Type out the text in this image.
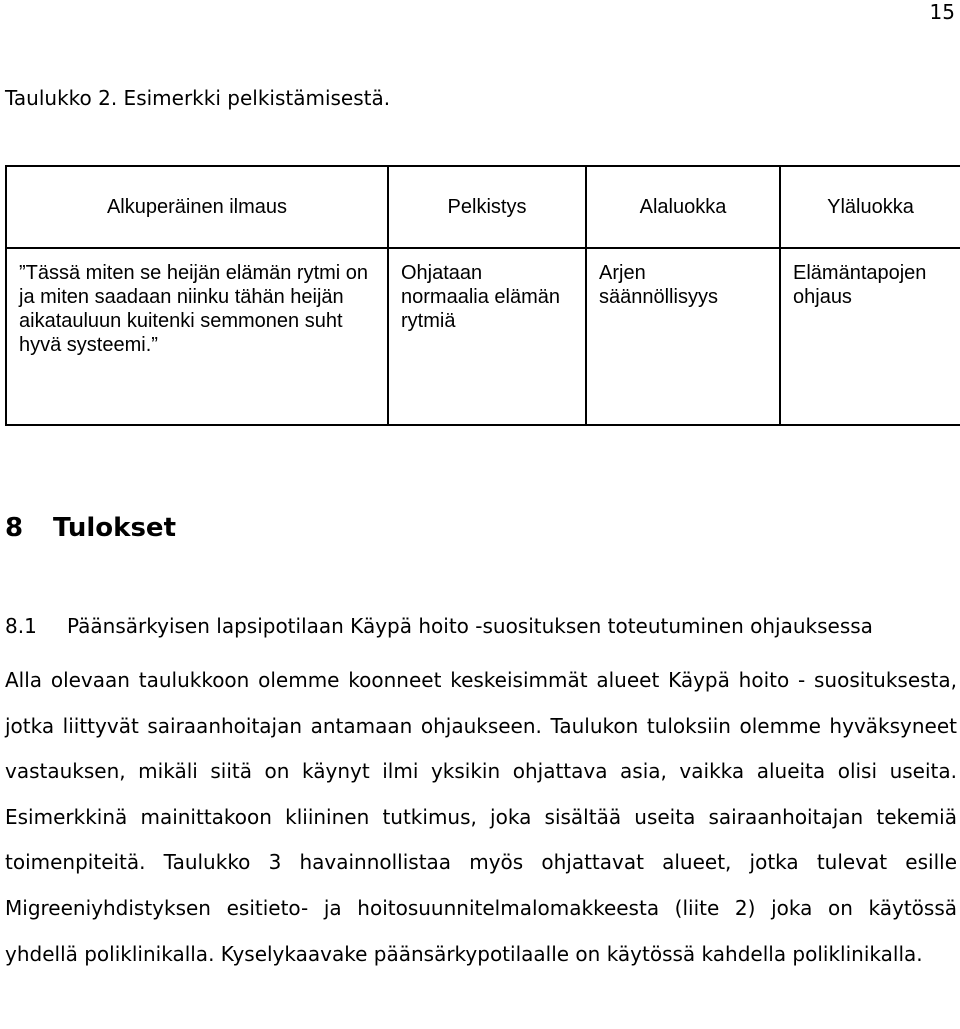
15
Taulukko 2. Esimerkki pelkistämisestä.
Alkuperäinen ilmaus	Pelkistys	Alaluokka	Yläluokka
”Tässä miten se heijän elämän rytmi on ja miten saadaan niinku tähän heijän aikatauluun kuitenki semmonen suht hyvä systeemi.”	Ohjataan normaalia elämän rytmiä	Arjen säännöllisyys	Elämäntapojen ohjaus
8 Tulokset
8.1 Päänsärkyisen lapsipotilaan Käypä hoito -suosituksen toteutuminen ohjauksessa

Alla olevaan taulukkoon olemme koonneet keskeisimmät alueet Käypä hoito - suosituksesta, jotka liittyvät sairaanhoitajan antamaan ohjaukseen. Taulukon tuloksiin olemme hyväksyneet vastauksen, mikäli siitä on käynyt ilmi yksikin ohjattava asia, vaikka alueita olisi useita. Esimerkkinä mainittakoon kliininen tutkimus, joka sisältää useita sairaanhoitajan tekemiä toimenpiteitä. Taulukko 3 havainnollistaa myös ohjattavat alueet, jotka tulevat esille Migreeniyhdistyksen esitieto- ja hoitosuunnitelmalomakkeesta (liite 2) joka on käytössä yhdellä poliklinikalla. Kyselykaavake päänsärkypotilaalle on käytössä kahdella poliklinikalla.
